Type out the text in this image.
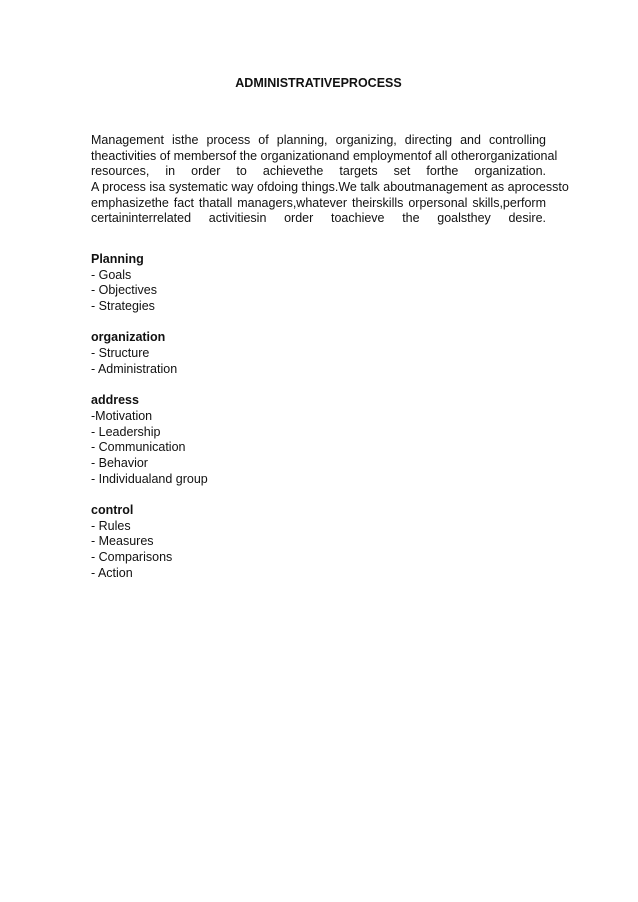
ADMINISTRATIVEPROCESS
Management isthe process of planning, organizing, directing and controlling
theactivities of membersof the organizationand employmentof all otherorganizational
resources, in order to achievethe targets set forthe organization.
A process isa systematic way ofdoing things.We talk aboutmanagement as aprocessto
emphasizethe fact thatall managers,whatever theirskills orpersonal skills,perform
certaininterrelated activitiesin order toachieve the goalsthey desire.
Planning
- Goals
- Objectives
- Strategies
organization
- Structure
- Administration
address
-Motivation
- Leadership
- Communication
- Behavior
- Individualand group
control
- Rules
- Measures
- Comparisons
- Action
